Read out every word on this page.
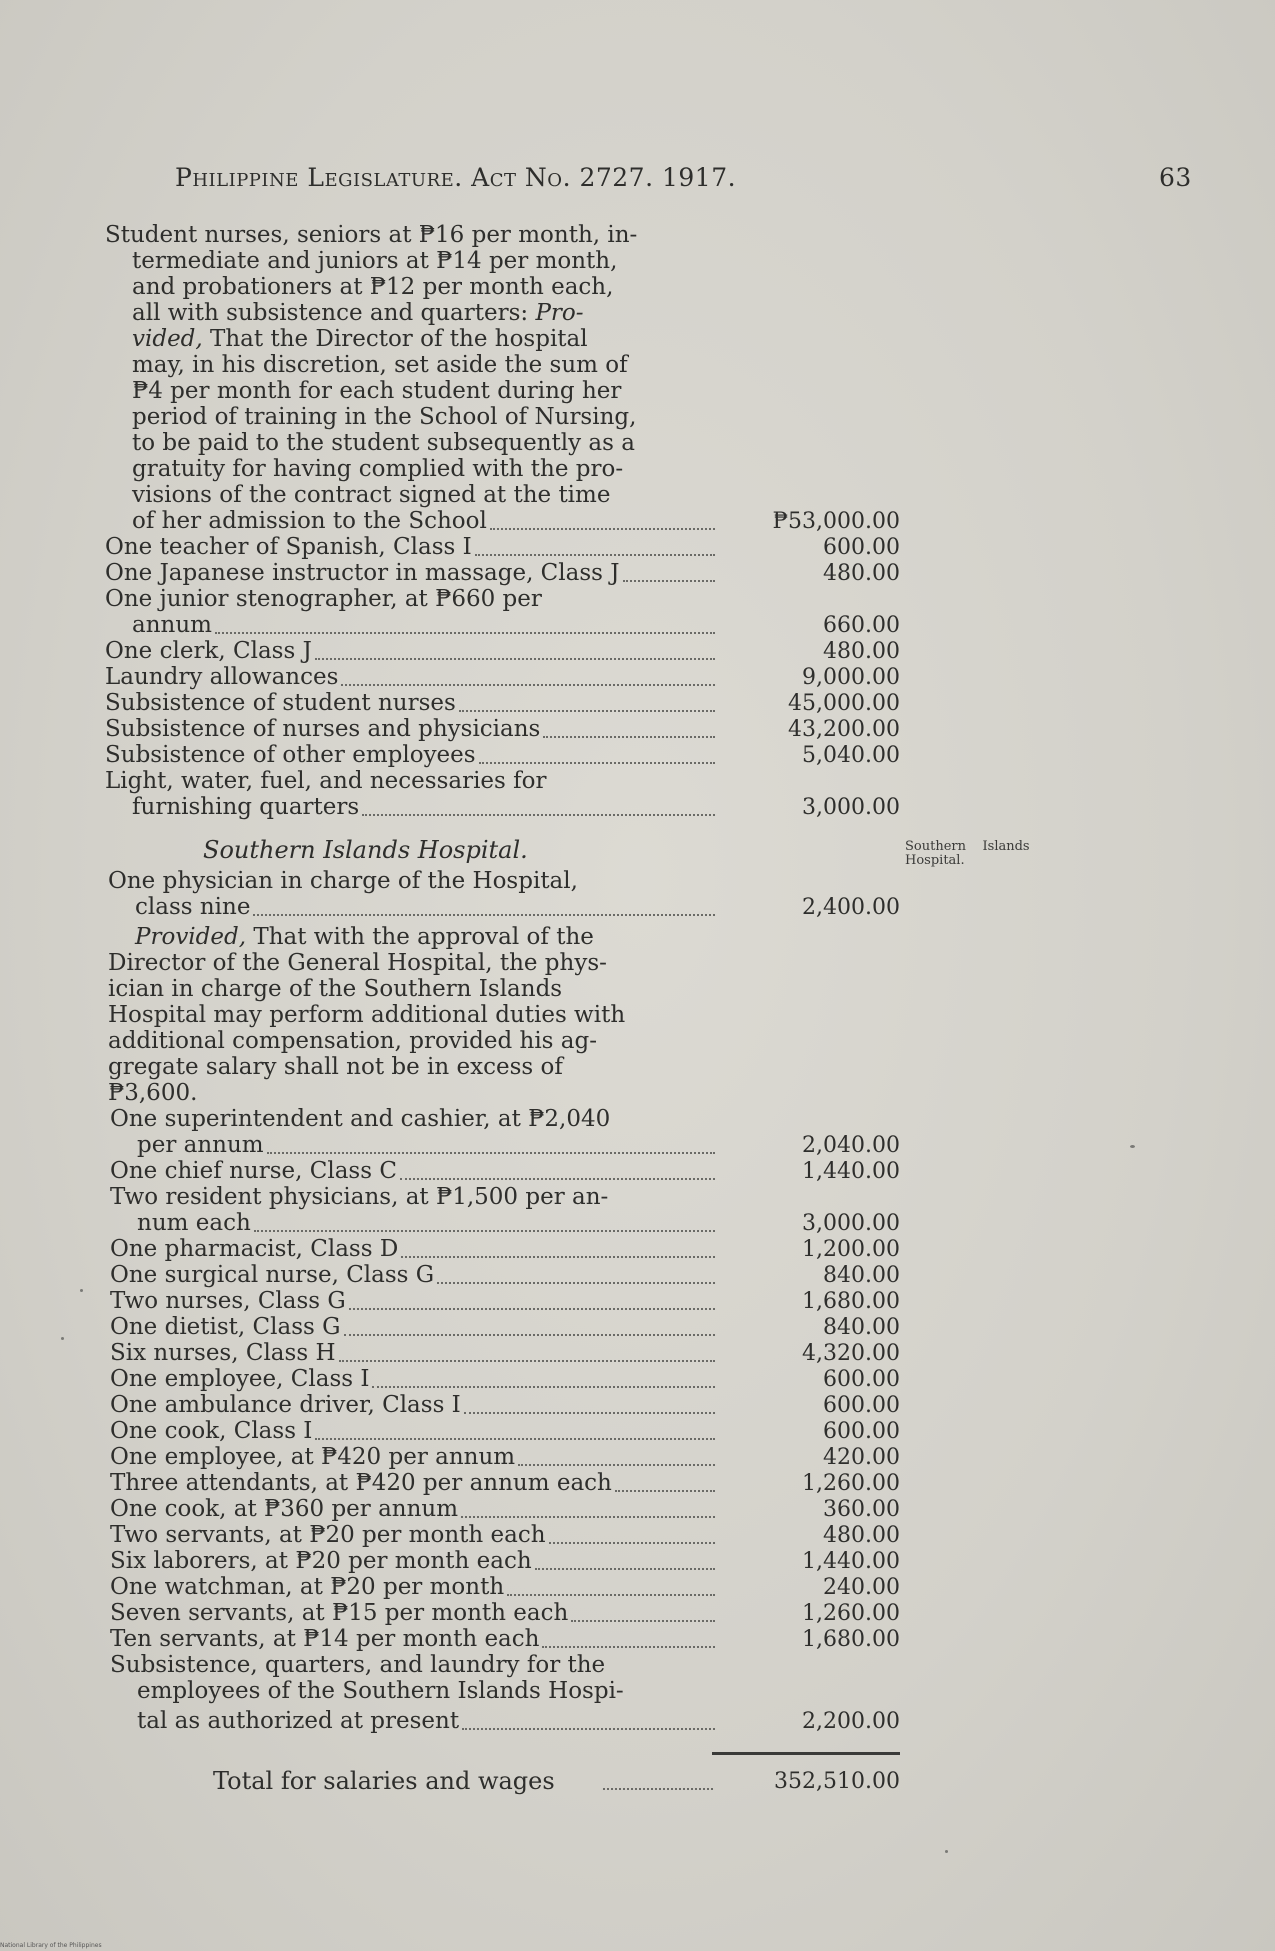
Philippine Legislature. Act No. 2727. 1917.	63
Student nurses, seniors at ₱16 per month, in-
termediate and juniors at ₱14 per month,
and probationers at ₱12 per month each,
all with subsistence and quarters: Pro-
vided, That the Director of the hospital
may, in his discretion, set aside the sum of
₱4 per month for each student during her
period of training in the School of Nursing,
to be paid to the student subsequently as a
gratuity for having complied with the pro-
visions of the contract signed at the time
of her admission to the School	₱53,000.00
One teacher of Spanish, Class I	600.00
One Japanese instructor in massage, Class J	480.00
One junior stenographer, at ₱660 per
annum	660.00
One clerk, Class J	480.00
Laundry allowances	9,000.00
Subsistence of student nurses	45,000.00
Subsistence of nurses and physicians	43,200.00
Subsistence of other employees	5,040.00
Light, water, fuel, and necessaries for
furnishing quarters	3,000.00
Southern Islands Hospital.	Southern    Islands
Hospital.
One physician in charge of the Hospital,
class nine	2,400.00
Provided, That with the approval of the
Director of the General Hospital, the phys-
ician in charge of the Southern Islands
Hospital may perform additional duties with
additional compensation, provided his ag-
gregate salary shall not be in excess of
₱3,600.
One superintendent and cashier, at ₱2,040
per annum	2,040.00
One chief nurse, Class C	1,440.00
Two resident physicians, at ₱1,500 per an-
num each	3,000.00
One pharmacist, Class D	1,200.00
One surgical nurse, Class G	840.00
Two nurses, Class G	1,680.00
One dietist, Class G	840.00
Six nurses, Class H	4,320.00
One employee, Class I	600.00
One ambulance driver, Class I	600.00
One cook, Class I	600.00
One employee, at ₱420 per annum	420.00
Three attendants, at ₱420 per annum each	1,260.00
One cook, at ₱360 per annum	360.00
Two servants, at ₱20 per month each	480.00
Six laborers, at ₱20 per month each	1,440.00
One watchman, at ₱20 per month	240.00
Seven servants, at ₱15 per month each	1,260.00
Ten servants, at ₱14 per month each	1,680.00
Subsistence, quarters, and laundry for the
employees of the Southern Islands Hospi-
tal as authorized at present	2,200.00
Total for salaries and wages	352,510.00
National Library of the Philippines
